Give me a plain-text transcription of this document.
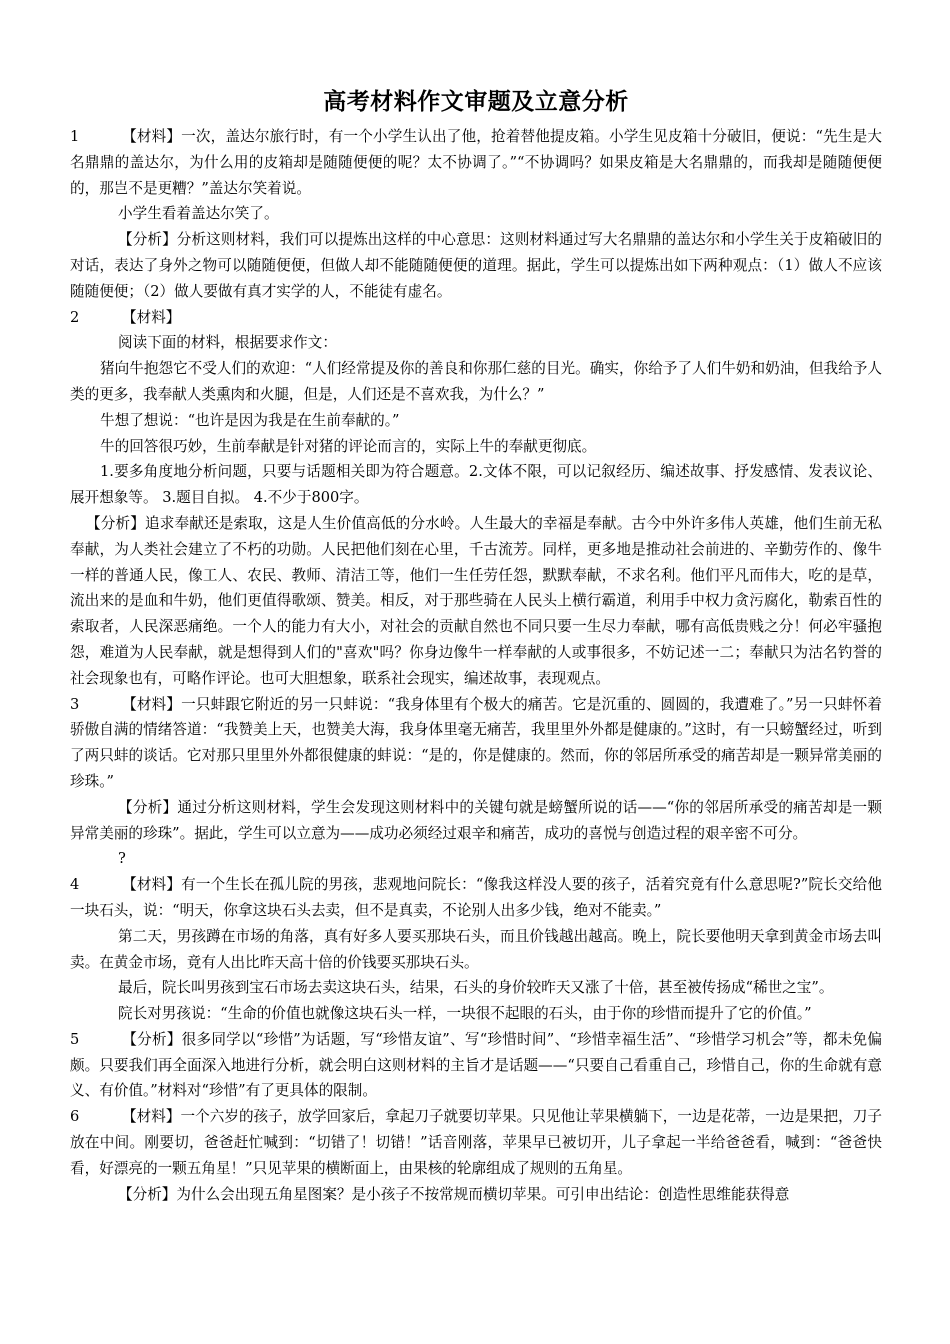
高考材料作文审题及立意分析
1	【材料】一次，盖达尔旅行时，有一个小学生认出了他，抢着替他提皮箱。小学生见皮箱十分破旧，便说：“先生是大名鼎鼎的盖达尔，为什么用的皮箱却是随随便便的呢？太不协调了。”“不协调吗？如果皮箱是大名鼎鼎的，而我却是随随便便的，那岂不是更糟？”盖达尔笑着说。
小学生看着盖达尔笑了。
【分析】分析这则材料，我们可以提炼出这样的中心意思：这则材料通过写大名鼎鼎的盖达尔和小学生关于皮箱破旧的对话，表达了身外之物可以随随便便，但做人却不能随随便便的道理。据此，学生可以提炼出如下两种观点：（1）做人不应该随随便便；（2）做人要做有真才实学的人，不能徒有虚名。
2	【材料】
阅读下面的材料，根据要求作文：
猪向牛抱怨它不受人们的欢迎：“人们经常提及你的善良和你那仁慈的目光。确实，你给予了人们牛奶和奶油，但我给予人类的更多，我奉献人类熏肉和火腿，但是，人们还是不喜欢我，为什么？”
牛想了想说：“也许是因为我是在生前奉献的。”
牛的回答很巧妙，生前奉献是针对猪的评论而言的，实际上牛的奉献更彻底。
1.要多角度地分析问题，只要与话题相关即为符合题意。2.文体不限，可以记叙经历、编述故事、抒发感情、发表议论、展开想象等。 3.题目自拟。 4.不少于800字。
【分析】追求奉献还是索取，这是人生价值高低的分水岭。人生最大的幸福是奉献。古今中外许多伟人英雄，他们生前无私奉献，为人类社会建立了不朽的功勋。人民把他们刻在心里，千古流芳。同样，更多地是推动社会前进的、辛勤劳作的、像牛一样的普通人民，像工人、农民、教师、清洁工等，他们一生任劳任怨，默默奉献，不求名利。他们平凡而伟大，吃的是草，流出来的是血和牛奶，他们更值得歌颂、赞美。相反，对于那些骑在人民头上横行霸道，利用手中权力贪污腐化，勒索百性的索取者，人民深恶痛绝。一个人的能力有大小，对社会的贡献自然也不同只要一生尽力奉献，哪有高低贵贱之分！何必牢骚抱怨，难道为人民奉献，就是想得到人们的"喜欢"吗？你身边像牛一样奉献的人或事很多，不妨记述一二；奉献只为沽名钓誉的社会现象也有，可略作评论。也可大胆想象，联系社会现实，编述故事，表现观点。
3	【材料】一只蚌跟它附近的另一只蚌说：“我身体里有个极大的痛苦。它是沉重的、圆圆的，我遭难了。”另一只蚌怀着骄傲自满的情绪答道：“我赞美上天，也赞美大海，我身体里毫无痛苦，我里里外外都是健康的。”这时，有一只螃蟹经过，听到了两只蚌的谈话。它对那只里里外外都很健康的蚌说：“是的，你是健康的。然而，你的邻居所承受的痛苦却是一颗异常美丽的珍珠。”
【分析】通过分析这则材料，学生会发现这则材料中的关键句就是螃蟹所说的话——“你的邻居所承受的痛苦却是一颗异常美丽的珍珠”。据此，学生可以立意为——成功必须经过艰辛和痛苦，成功的喜悦与创造过程的艰辛密不可分。
?
4	【材料】有一个生长在孤儿院的男孩，悲观地问院长：“像我这样没人要的孩子，活着究竟有什么意思呢?”院长交给他一块石头，说：“明天，你拿这块石头去卖，但不是真卖，不论别人出多少钱，绝对不能卖。”
第二天，男孩蹲在市场的角落，真有好多人要买那块石头，而且价钱越出越高。晚上，院长要他明天拿到黄金市场去叫卖。在黄金市场，竟有人出比昨天高十倍的价钱要买那块石头。
最后，院长叫男孩到宝石市场去卖这块石头，结果，石头的身价较昨天又涨了十倍，甚至被传扬成“稀世之宝”。
院长对男孩说：“生命的价值也就像这块石头一样，一块很不起眼的石头，由于你的珍惜而提升了它的价值。”
5	【分析】很多同学以“珍惜”为话题，写“珍惜友谊”、写“珍惜时间”、“珍惜幸福生活”、“珍惜学习机会”等，都未免偏颇。只要我们再全面深入地进行分析，就会明白这则材料的主旨才是话题——“只要自己看重自己，珍惜自己，你的生命就有意义、有价值。”材料对“珍惜”有了更具体的限制。
6	【材料】一个六岁的孩子，放学回家后，拿起刀子就要切苹果。只见他让苹果横躺下，一边是花蒂，一边是果把，刀子放在中间。刚要切，爸爸赶忙喊到：“切错了！切错！”话音刚落，苹果早已被切开，儿子拿起一半给爸爸看，喊到：“爸爸快看，好漂亮的一颗五角星！”只见苹果的横断面上，由果核的轮廓组成了规则的五角星。
【分析】为什么会出现五角星图案？是小孩子不按常规而横切苹果。可引申出结论：创造性思维能获得意
